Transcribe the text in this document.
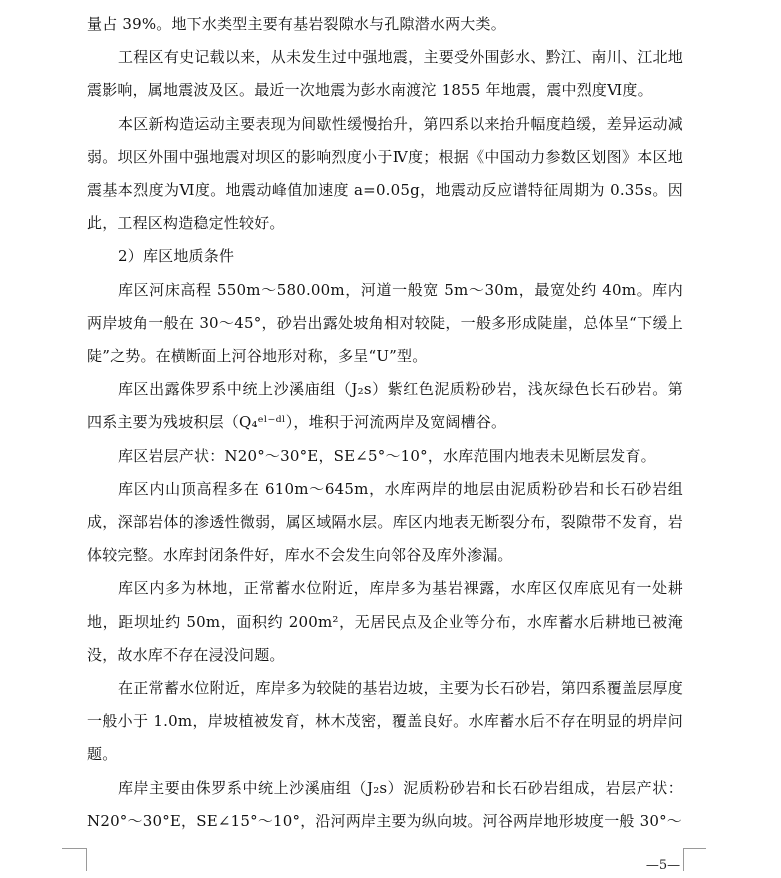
量占 39%。地下水类型主要有基岩裂隙水与孔隙潜水两大类。

工程区有史记载以来，从未发生过中强地震，主要受外围彭水、黔江、南川、江北地震影响，属地震波及区。最近一次地震为彭水南渡沱 1855 年地震，震中烈度Ⅵ度。

本区新构造运动主要表现为间歇性缓慢抬升，第四系以来抬升幅度趋缓，差异运动减弱。坝区外围中强地震对坝区的影响烈度小于Ⅳ度；根据《中国动力参数区划图》本区地震基本烈度为Ⅵ度。地震动峰值加速度 a=0.05g，地震动反应谱特征周期为 0.35s。因此，工程区构造稳定性较好。

2）库区地质条件

库区河床高程 550m～580.00m，河道一般宽 5m～30m，最宽处约 40m。库内两岸坡角一般在 30～45°，砂岩出露处坡角相对较陡，一般多形成陡崖，总体呈“下缓上陡”之势。在横断面上河谷地形对称，多呈“U”型。

库区出露侏罗系中统上沙溪庙组（J₂s）紫红色泥质粉砂岩，浅灰绿色长石砂岩。第四系主要为残坡积层（Q₄ᵉˡ⁻ᵈˡ），堆积于河流两岸及宽阔槽谷。

库区岩层产状：N20°～30°E，SE∠5°～10°，水库范围内地表未见断层发育。

库区内山顶高程多在 610m～645m，水库两岸的地层由泥质粉砂岩和长石砂岩组成，深部岩体的渗透性微弱，属区域隔水层。库区内地表无断裂分布，裂隙带不发育，岩体较完整。水库封闭条件好，库水不会发生向邻谷及库外渗漏。

库区内多为林地，正常蓄水位附近，库岸多为基岩裸露，水库区仅库底见有一处耕地，距坝址约 50m，面积约 200m²，无居民点及企业等分布，水库蓄水后耕地已被淹没，故水库不存在浸没问题。

在正常蓄水位附近，库岸多为较陡的基岩边坡，主要为长石砂岩，第四系覆盖层厚度一般小于 1.0m，岸坡植被发育，林木茂密，覆盖良好。水库蓄水后不存在明显的坍岸问题。

库岸主要由侏罗系中统上沙溪庙组（J₂s）泥质粉砂岩和长石砂岩组成，岩层产状：N20°～30°E，SE∠15°～10°，沿河两岸主要为纵向坡。河谷两岸地形坡度一般 30°～

—5—
